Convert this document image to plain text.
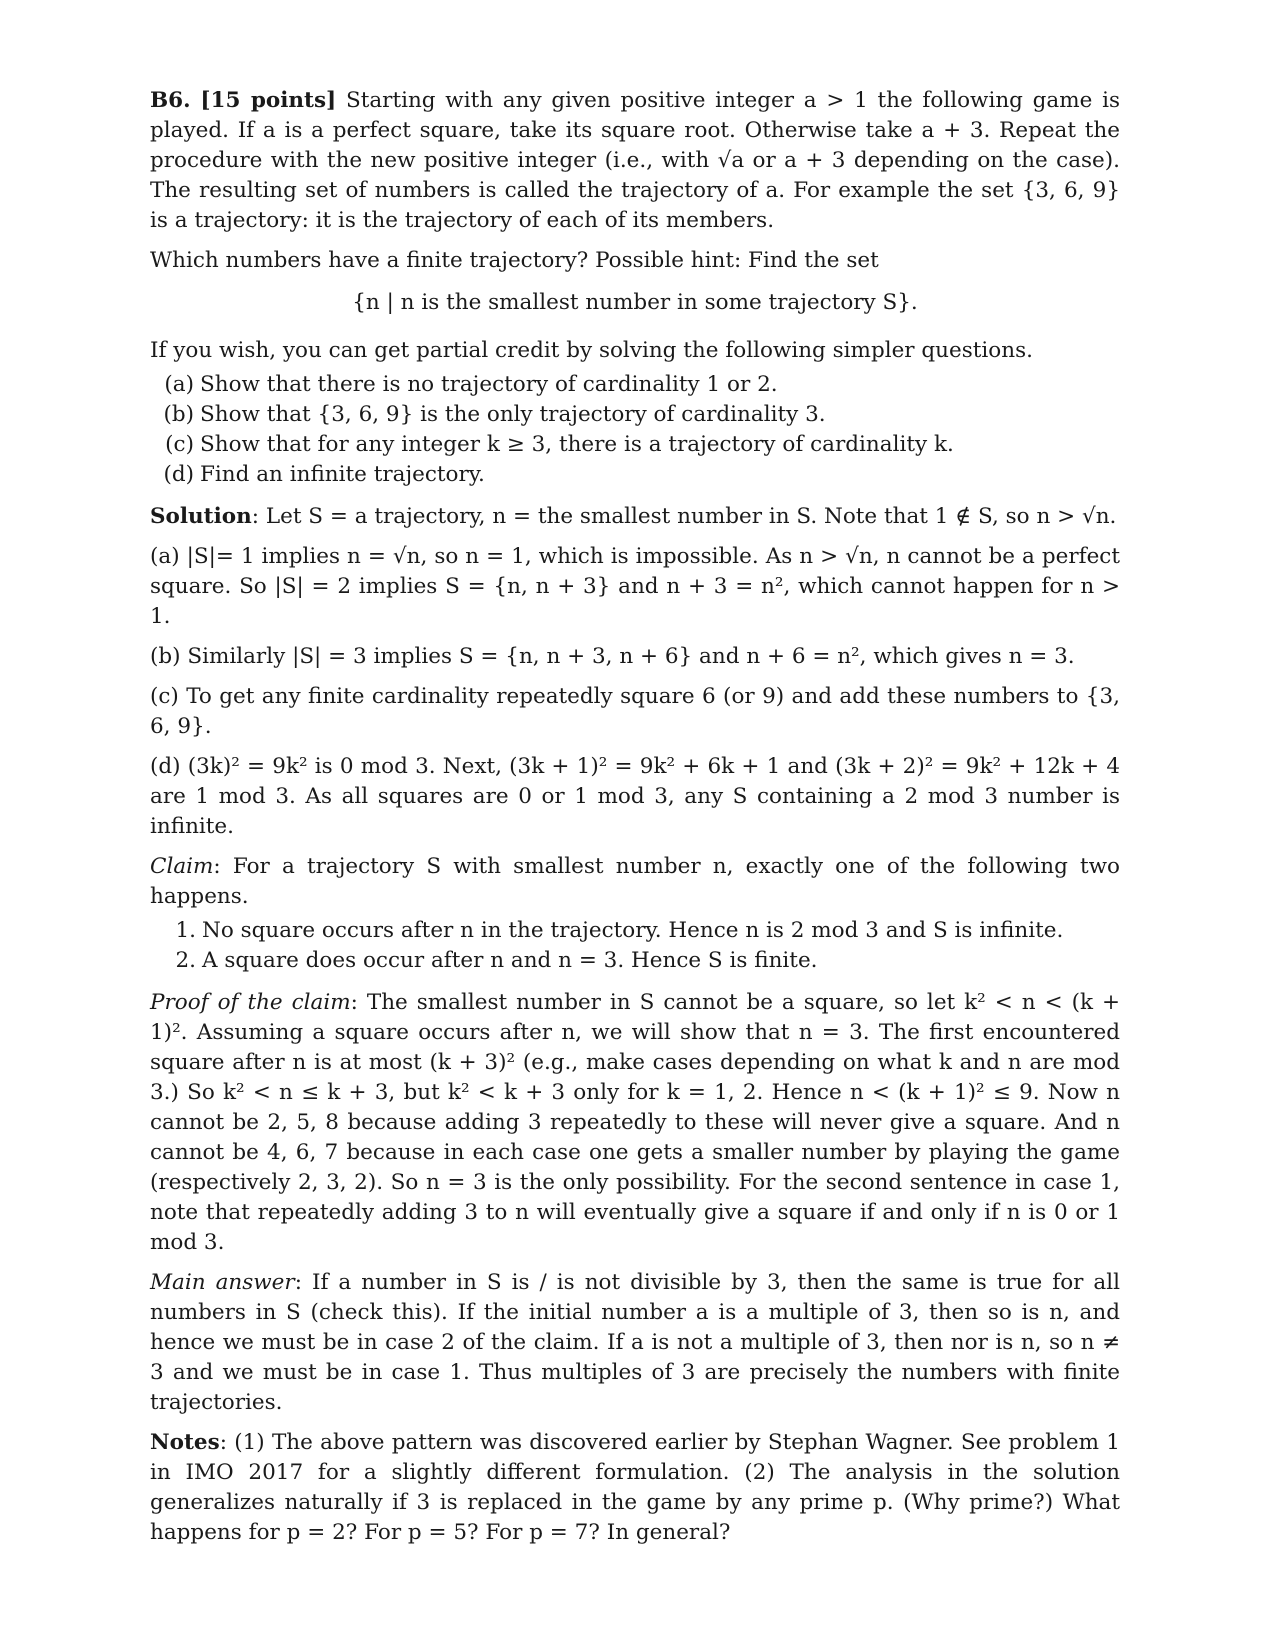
B6. [15 points] Starting with any given positive integer a > 1 the following game is played. If a is a perfect square, take its square root. Otherwise take a + 3. Repeat the procedure with the new positive integer (i.e., with √a or a + 3 depending on the case). The resulting set of numbers is called the trajectory of a. For example the set {3, 6, 9} is a trajectory: it is the trajectory of each of its members.

Which numbers have a finite trajectory? Possible hint: Find the set

{n | n is the smallest number in some trajectory S}.

If you wish, you can get partial credit by solving the following simpler questions.

(a) Show that there is no trajectory of cardinality 1 or 2.
(b) Show that {3, 6, 9} is the only trajectory of cardinality 3.
(c) Show that for any integer k ≥ 3, there is a trajectory of cardinality k.
(d) Find an infinite trajectory.

Solution: Let S = a trajectory, n = the smallest number in S. Note that 1 ∉ S, so n > √n.

(a) |S|= 1 implies n = √n, so n = 1, which is impossible. As n > √n, n cannot be a perfect square. So |S| = 2 implies S = {n, n + 3} and n + 3 = n², which cannot happen for n > 1.

(b) Similarly |S| = 3 implies S = {n, n + 3, n + 6} and n + 6 = n², which gives n = 3.

(c) To get any finite cardinality repeatedly square 6 (or 9) and add these numbers to {3, 6, 9}.

(d) (3k)² = 9k² is 0 mod 3. Next, (3k + 1)² = 9k² + 6k + 1 and (3k + 2)² = 9k² + 12k + 4 are 1 mod 3. As all squares are 0 or 1 mod 3, any S containing a 2 mod 3 number is infinite.

Claim: For a trajectory S with smallest number n, exactly one of the following two happens.

1. No square occurs after n in the trajectory. Hence n is 2 mod 3 and S is infinite.
2. A square does occur after n and n = 3. Hence S is finite.

Proof of the claim: The smallest number in S cannot be a square, so let k² < n < (k + 1)². Assuming a square occurs after n, we will show that n = 3. The first encountered square after n is at most (k + 3)² (e.g., make cases depending on what k and n are mod 3.) So k² < n ≤ k + 3, but k² < k + 3 only for k = 1, 2. Hence n < (k + 1)² ≤ 9. Now n cannot be 2, 5, 8 because adding 3 repeatedly to these will never give a square. And n cannot be 4, 6, 7 because in each case one gets a smaller number by playing the game (respectively 2, 3, 2). So n = 3 is the only possibility. For the second sentence in case 1, note that repeatedly adding 3 to n will eventually give a square if and only if n is 0 or 1 mod 3.

Main answer: If a number in S is / is not divisible by 3, then the same is true for all numbers in S (check this). If the initial number a is a multiple of 3, then so is n, and hence we must be in case 2 of the claim. If a is not a multiple of 3, then nor is n, so n ≠ 3 and we must be in case 1. Thus multiples of 3 are precisely the numbers with finite trajectories.

Notes: (1) The above pattern was discovered earlier by Stephan Wagner. See problem 1 in IMO 2017 for a slightly different formulation. (2) The analysis in the solution generalizes naturally if 3 is replaced in the game by any prime p. (Why prime?) What happens for p = 2? For p = 5? For p = 7? In general?
